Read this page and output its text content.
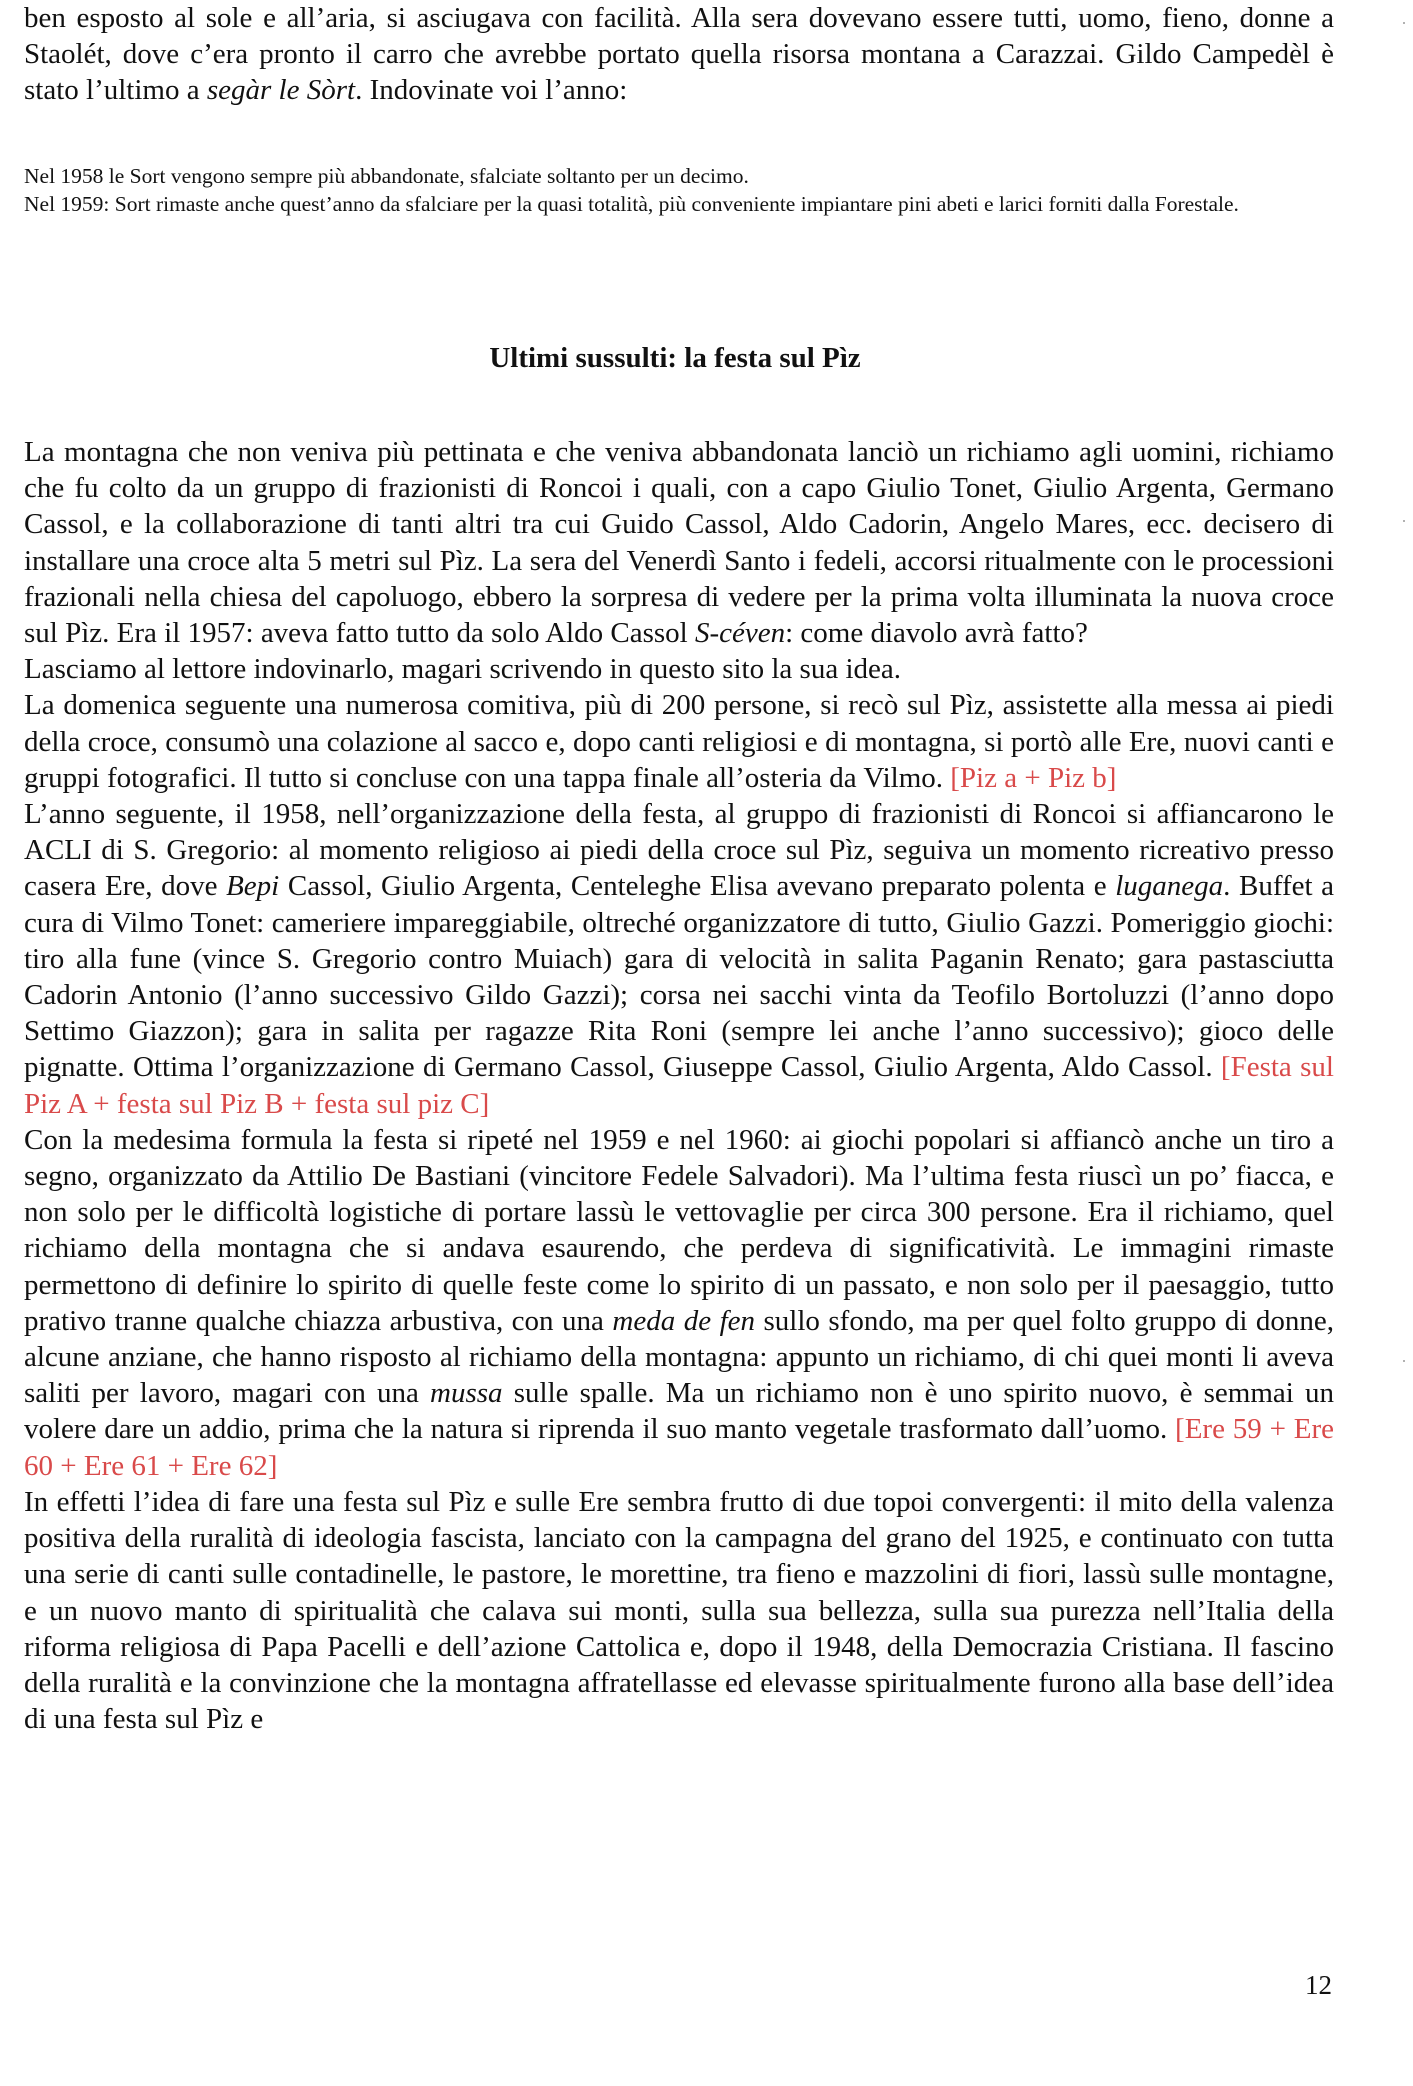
ben esposto al sole e all’aria, si asciugava con facilità. Alla sera dovevano essere tutti, uomo, fieno, donne a Staolét, dove c’era pronto il carro che avrebbe portato quella risorsa montana a Carazzai. Gildo Campedèl è stato l’ultimo a segàr le Sòrt. Indovinate voi l’anno:

Nel 1958 le Sort vengono sempre più abbandonate, sfalciate soltanto per un decimo.

Nel 1959: Sort rimaste anche quest’anno da sfalciare per la quasi totalità, più conveniente impiantare pini abeti e larici forniti dalla Forestale.

Ultimi sussulti: la festa sul Pìz

La montagna che non veniva più pettinata e che veniva abbandonata lanciò un richiamo agli uomini, richiamo che fu colto da un gruppo di frazionisti di Roncoi i quali, con a capo Giulio Tonet, Giulio Argenta, Germano Cassol, e la collaborazione di tanti altri tra cui Guido Cassol, Aldo Cadorin, Angelo Mares, ecc. decisero di installare una croce alta 5 metri sul Pìz. La sera del Venerdì Santo i fedeli, accorsi ritualmente con le processioni frazionali nella chiesa del capoluogo, ebbero la sorpresa di vedere per la prima volta illuminata la nuova croce sul Pìz. Era il 1957: aveva fatto tutto da solo Aldo Cassol S-céven: come diavolo avrà fatto?

Lasciamo al lettore indovinarlo, magari scrivendo in questo sito la sua idea.

La domenica seguente una numerosa comitiva, più di 200 persone, si recò sul Pìz, assistette alla messa ai piedi della croce, consumò una colazione al sacco e, dopo canti religiosi e di montagna, si portò alle Ere, nuovi canti e gruppi fotografici. Il tutto si concluse con una tappa finale all’osteria da Vilmo. [Piz a + Piz b]

L’anno seguente, il 1958, nell’organizzazione della festa, al gruppo di frazionisti di Roncoi si affiancarono le ACLI di S. Gregorio: al momento religioso ai piedi della croce sul Pìz, seguiva un momento ricreativo presso casera Ere, dove Bepi Cassol, Giulio Argenta, Centeleghe Elisa avevano preparato polenta e luganega. Buffet a cura di Vilmo Tonet: cameriere impareggiabile, oltreché organizzatore di tutto, Giulio Gazzi. Pomeriggio giochi: tiro alla fune (vince S. Gregorio contro Muiach) gara di velocità in salita Paganin Renato; gara pastasciutta Cadorin Antonio (l’anno successivo Gildo Gazzi); corsa nei sacchi vinta da Teofilo Bortoluzzi (l’anno dopo Settimo Giazzon); gara in salita per ragazze Rita Roni (sempre lei anche l’anno successivo); gioco delle pignatte. Ottima l’organizzazione di Germano Cassol, Giuseppe Cassol, Giulio Argenta, Aldo Cassol. [Festa sul Piz A + festa sul Piz B + festa sul piz C]

Con la medesima formula la festa si ripeté nel 1959 e nel 1960: ai giochi popolari si affiancò anche un tiro a segno, organizzato da Attilio De Bastiani (vincitore Fedele Salvadori). Ma l’ultima festa riuscì un po’ fiacca, e non solo per le difficoltà logistiche di portare lassù le vettovaglie per circa 300 persone. Era il richiamo, quel richiamo della montagna che si andava esaurendo, che perdeva di significatività. Le immagini rimaste permettono di definire lo spirito di quelle feste come lo spirito di un passato, e non solo per il paesaggio, tutto prativo tranne qualche chiazza arbustiva, con una meda de fen sullo sfondo, ma per quel folto gruppo di donne, alcune anziane, che hanno risposto al richiamo della montagna: appunto un richiamo, di chi quei monti li aveva saliti per lavoro, magari con una mussa sulle spalle. Ma un richiamo non è uno spirito nuovo, è semmai un volere dare un addio, prima che la natura si riprenda il suo manto vegetale trasformato dall’uomo. [Ere 59 + Ere 60 + Ere 61 + Ere 62]

In effetti l’idea di fare una festa sul Pìz e sulle Ere sembra frutto di due topoi convergenti: il mito della valenza positiva della ruralità di ideologia fascista, lanciato con la campagna del grano del 1925, e continuato con tutta una serie di canti sulle contadinelle, le pastore, le morettine, tra fieno e mazzolini di fiori, lassù sulle montagne, e un nuovo manto di spiritualità che calava sui monti, sulla sua bellezza, sulla sua purezza nell’Italia della riforma religiosa di Papa Pacelli e dell’azione Cattolica e, dopo il 1948, della Democrazia Cristiana. Il fascino della ruralità e la convinzione che la montagna affratellasse ed elevasse spiritualmente furono alla base dell’idea di una festa sul Pìz e

12
